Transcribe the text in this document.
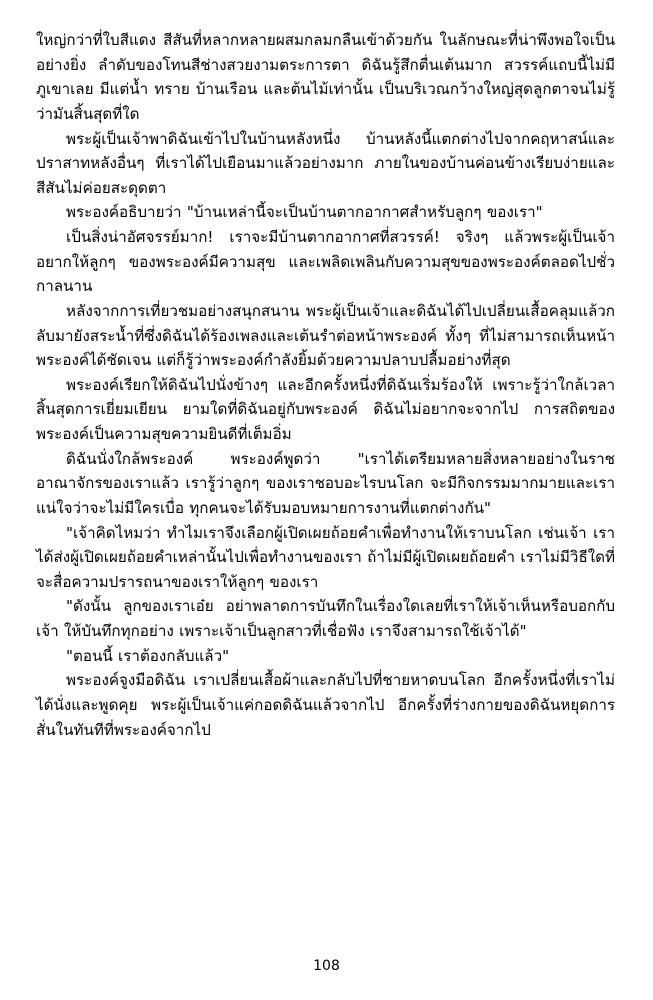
ใหญ่กว่าที่ใบสีแดง สีสันที่หลากหลายผสมกลมกลืนเข้าด้วยกัน ในลักษณะที่น่าพึงพอใจเป็นอย่างยิ่ง ลำดับของโทนสีช่างสวยงามตระการตา ดิฉันรู้สึกตื่นเต้นมาก สวรรค์แถบนี้ไม่มีภูเขาเลย มีแต่น้ำ ทราย บ้านเรือน และต้นไม้เท่านั้น เป็นบริเวณกว้างใหญ่สุดลูกตาจนไม่รู้ว่ามันสิ้นสุดที่ใด

พระผู้เป็นเจ้าพาดิฉันเข้าไปในบ้านหลังหนึ่ง บ้านหลังนี้แตกต่างไปจากคฤหาสน์และปราสาทหลังอื่นๆ ที่เราได้ไปเยือนมาแล้วอย่างมาก ภายในของบ้านค่อนข้างเรียบง่ายและสีสันไม่ค่อยสะดุดตา

พระองค์อธิบายว่า "บ้านเหล่านี้จะเป็นบ้านตากอากาศสำหรับลูกๆ ของเรา"

เป็นสิ่งน่าอัศจรรย์มาก! เราจะมีบ้านตากอากาศที่สวรรค์! จริงๆ แล้วพระผู้เป็นเจ้าอยากให้ลูกๆ ของพระองค์มีความสุข และเพลิดเพลินกับความสุขของพระองค์ตลอดไปชั่วกาลนาน

หลังจากการเที่ยวชมอย่างสนุกสนาน พระผู้เป็นเจ้าและดิฉันได้ไปเปลี่ยนเสื้อคลุมแล้วกลับมายังสระน้ำที่ซึ่งดิฉันได้ร้องเพลงและเต้นรำต่อหน้าพระองค์ ทั้งๆ ที่ไม่สามารถเห็นหน้าพระองค์ได้ชัดเจน แต่ก็รู้ว่าพระองค์กำลังยิ้มด้วยความปลาบปลื้มอย่างที่สุด

พระองค์เรียกให้ดิฉันไปนั่งข้างๆ และอีกครั้งหนึ่งที่ดิฉันเริ่มร้องให้ เพราะรู้ว่าใกล้เวลาสิ้นสุดการเยี่ยมเยียน ยามใดที่ดิฉันอยู่กับพระองค์ ดิฉันไม่อยากจะจากไป การสถิตของพระองค์เป็นความสุขความยินดีที่เต็มอิ่ม

ดิฉันนั่งใกล้พระองค์ พระองค์พูดว่า "เราได้เตรียมหลายสิ่งหลายอย่างในราชอาณาจักรของเราแล้ว เรารู้ว่าลูกๆ ของเราชอบอะไรบนโลก จะมีกิจกรรมมากมายและเราแน่ใจว่าจะไม่มีใครเบื่อ ทุกคนจะได้รับมอบหมายการงานที่แตกต่างกัน"

"เจ้าคิดไหมว่า ทำไมเราจึงเลือกผู้เปิดเผยถ้อยคำเพื่อทำงานให้เราบนโลก เช่นเจ้า เราได้ส่งผู้เปิดเผยถ้อยคำเหล่านั้นไปเพื่อทำงานของเรา ถ้าไม่มีผู้เปิดเผยถ้อยคำ เราไม่มีวิธีใดที่จะสื่อความปรารถนาของเราให้ลูกๆ ของเรา

"ดังนั้น ลูกของเราเอ๋ย อย่าพลาดการบันทึกในเรื่องใดเลยที่เราให้เจ้าเห็นหรือบอกกับเจ้า ให้บันทึกทุกอย่าง เพราะเจ้าเป็นลูกสาวที่เชื่อฟัง เราจึงสามารถใช้เจ้าได้"

"ตอนนี้ เราต้องกลับแล้ว"

พระองค์จูงมือดิฉัน เราเปลี่ยนเสื้อผ้าและกลับไปที่ชายหาดบนโลก อีกครั้งหนึ่งที่เราไม่ได้นั่งและพูดคุย พระผู้เป็นเจ้าแค่กอดดิฉันแล้วจากไป อีกครั้งที่ร่างกายของดิฉันหยุดการสั่นในทันทีที่พระองค์จากไป

108
